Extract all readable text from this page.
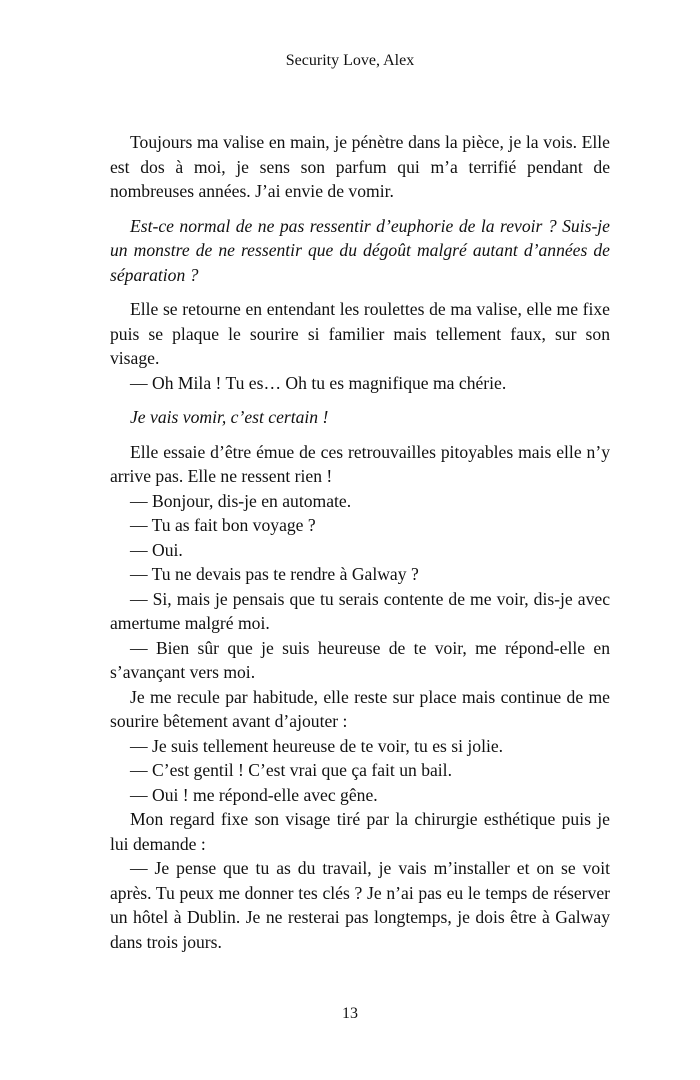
Security Love, Alex

Toujours ma valise en main, je pénètre dans la pièce, je la vois. Elle est dos à moi, je sens son parfum qui m’a terrifié pendant de nombreuses années. J’ai envie de vomir.

Est-ce normal de ne pas ressentir d’euphorie de la revoir ? Suis-je un monstre de ne ressentir que du dégoût malgré autant d’années de séparation ?

Elle se retourne en entendant les roulettes de ma valise, elle me fixe puis se plaque le sourire si familier mais tellement faux, sur son visage.

— Oh Mila ! Tu es… Oh tu es magnifique ma chérie.

Je vais vomir, c’est certain !

Elle essaie d’être émue de ces retrouvailles pitoyables mais elle n’y arrive pas. Elle ne ressent rien !

— Bonjour, dis-je en automate.

— Tu as fait bon voyage ?

— Oui.

— Tu ne devais pas te rendre à Galway ?

— Si, mais je pensais que tu serais contente de me voir, dis-je avec amertume malgré moi.

— Bien sûr que je suis heureuse de te voir, me répond-elle en s’avançant vers moi.

Je me recule par habitude, elle reste sur place mais continue de me sourire bêtement avant d’ajouter :

— Je suis tellement heureuse de te voir, tu es si jolie.

— C’est gentil ! C’est vrai que ça fait un bail.

— Oui ! me répond-elle avec gêne.

Mon regard fixe son visage tiré par la chirurgie esthétique puis je lui demande :

— Je pense que tu as du travail, je vais m’installer et on se voit après. Tu peux me donner tes clés ? Je n’ai pas eu le temps de réserver un hôtel à Dublin. Je ne resterai pas longtemps, je dois être à Galway dans trois jours.

13
